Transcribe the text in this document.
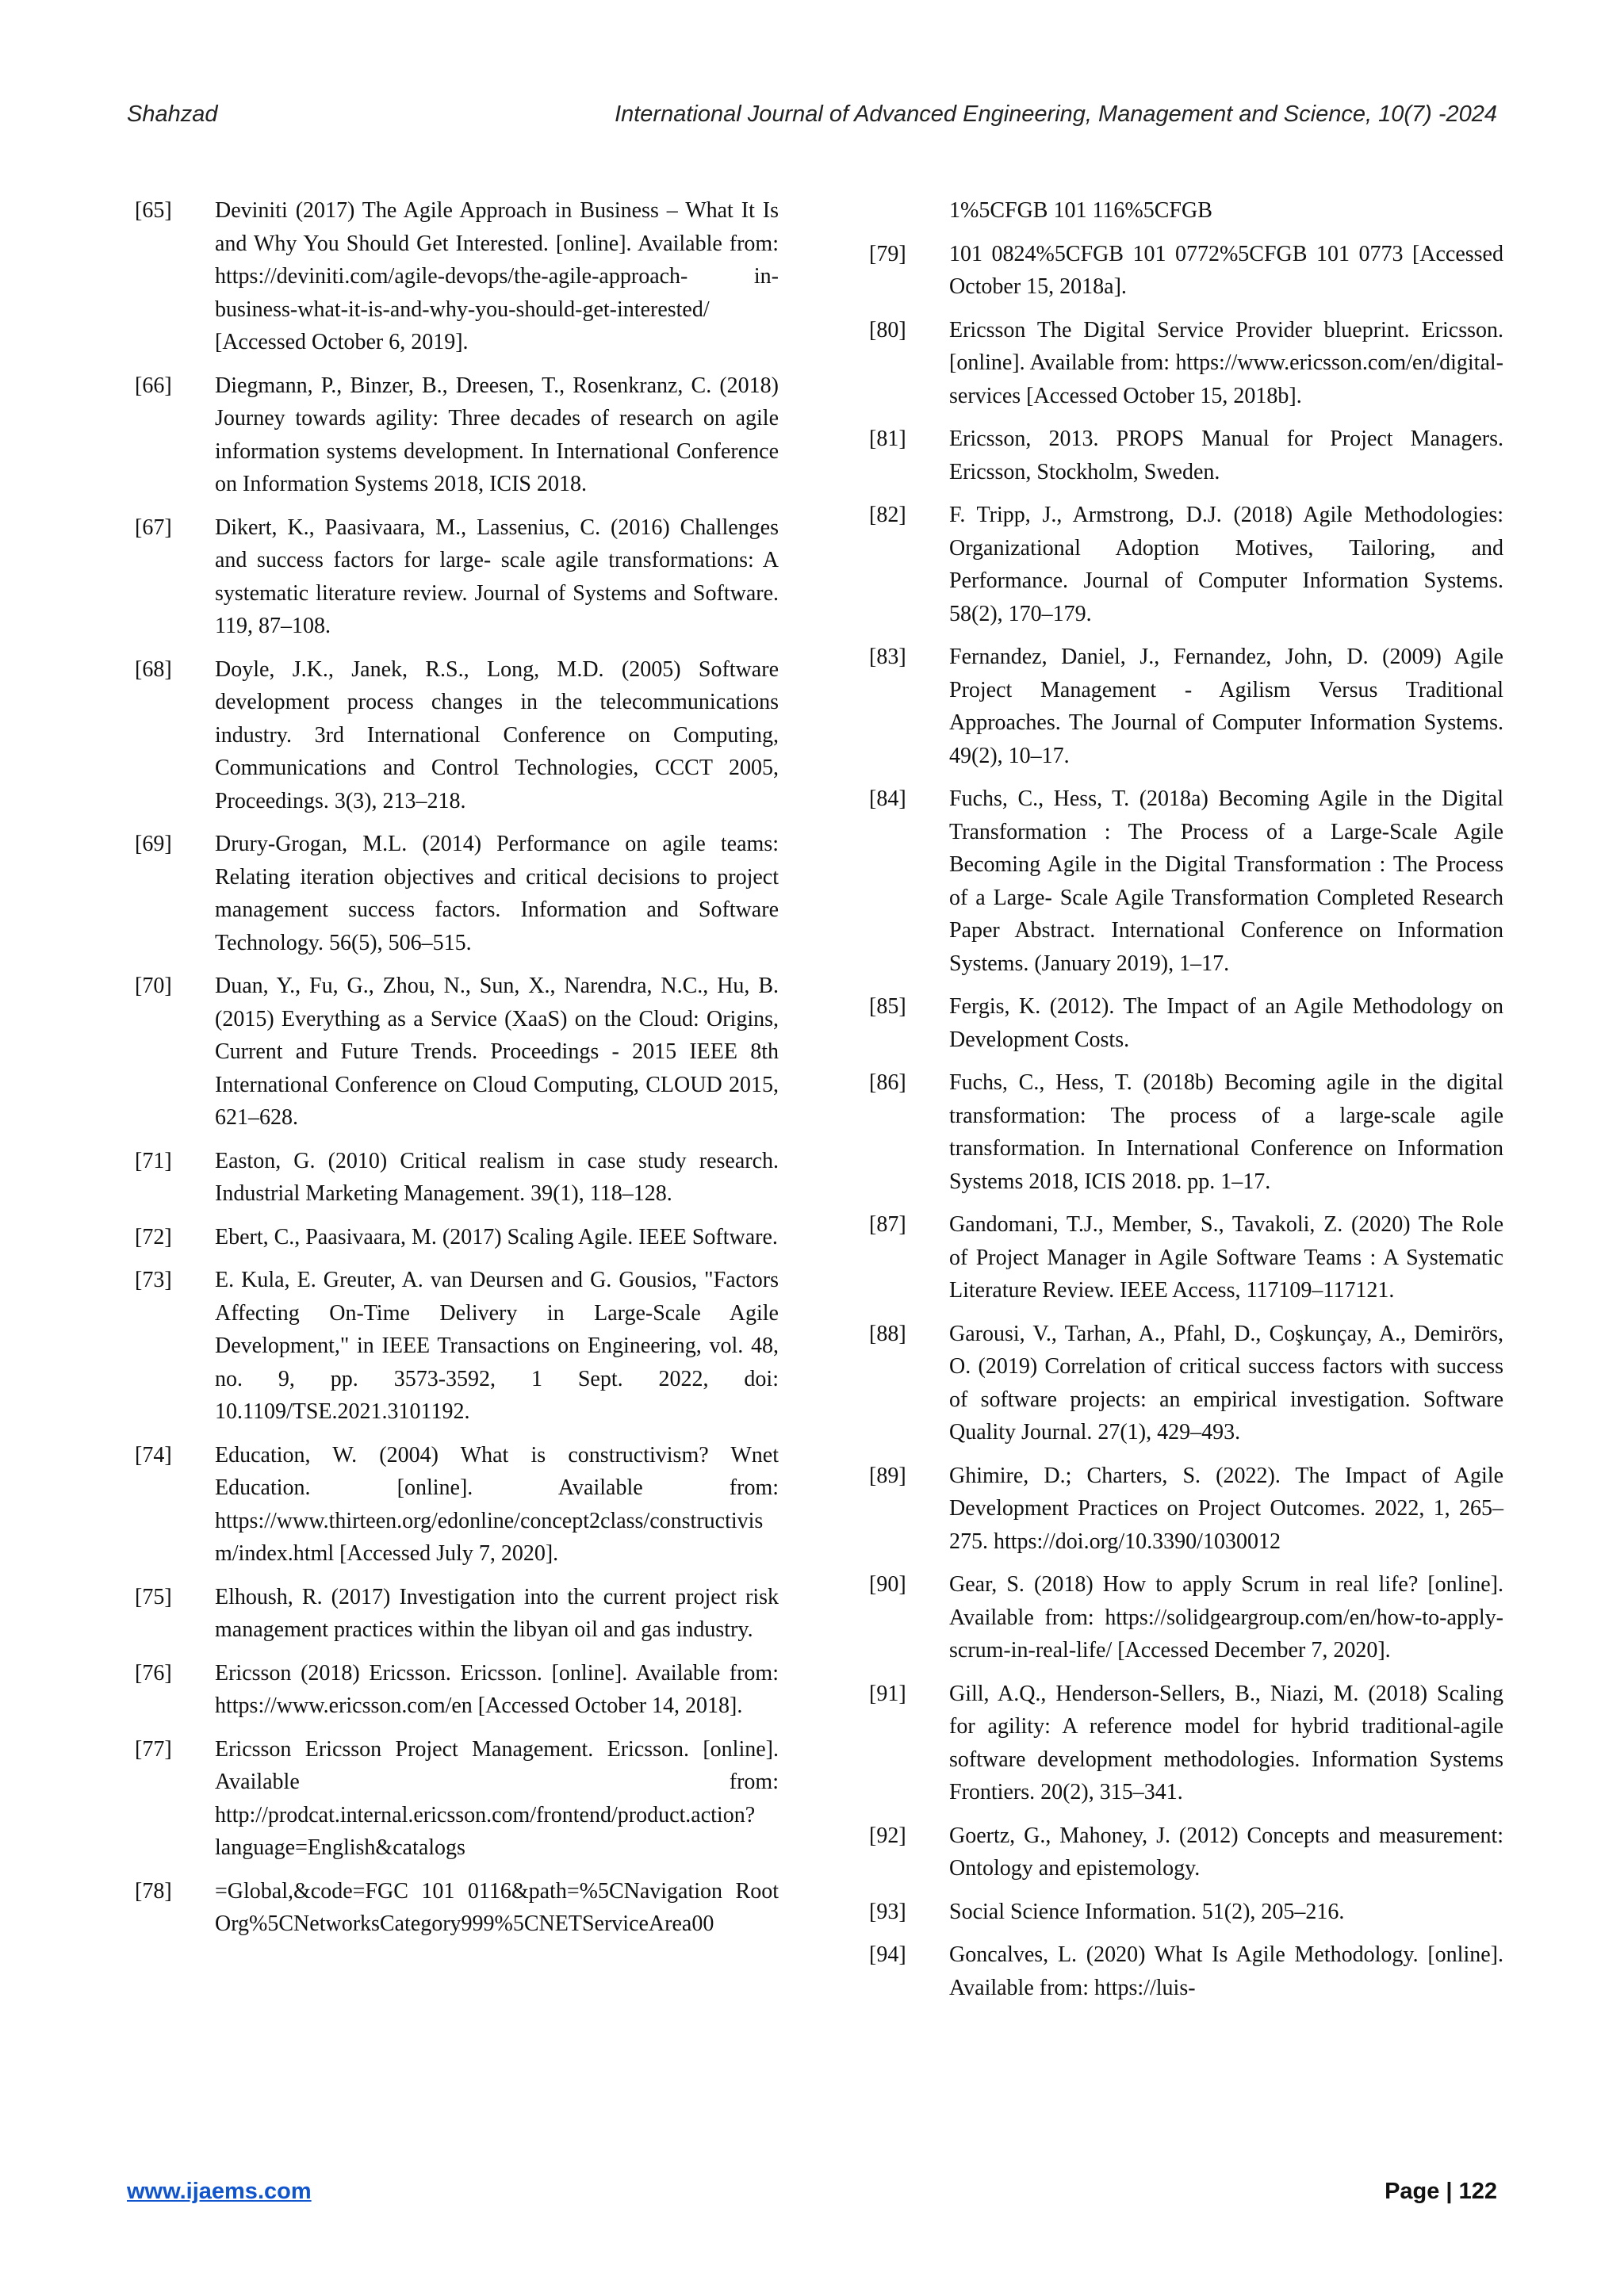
Shahzad	International Journal of Advanced Engineering, Management and Science, 10(7) -2024
[65]	Deviniti (2017) The Agile Approach in Business – What It Is and Why You Should Get Interested. [online]. Available from: https://deviniti.com/agile-devops/the-agile-approach- in-business-what-it-is-and-why-you-should-get-interested/ [Accessed October 6, 2019].
[66]	Diegmann, P., Binzer, B., Dreesen, T., Rosenkranz, C. (2018) Journey towards agility: Three decades of research on agile information systems development. In International Conference on Information Systems 2018, ICIS 2018.
[67]	Dikert, K., Paasivaara, M., Lassenius, C. (2016) Challenges and success factors for large- scale agile transformations: A systematic literature review. Journal of Systems and Software. 119, 87–108.
[68]	Doyle, J.K., Janek, R.S., Long, M.D. (2005) Software development process changes in the telecommunications industry. 3rd International Conference on Computing, Communications and Control Technologies, CCCT 2005, Proceedings. 3(3), 213–218.
[69]	Drury-Grogan, M.L. (2014) Performance on agile teams: Relating iteration objectives and critical decisions to project management success factors. Information and Software Technology. 56(5), 506–515.
[70]	Duan, Y., Fu, G., Zhou, N., Sun, X., Narendra, N.C., Hu, B. (2015) Everything as a Service (XaaS) on the Cloud: Origins, Current and Future Trends. Proceedings - 2015 IEEE 8th International Conference on Cloud Computing, CLOUD 2015, 621–628.
[71]	Easton, G. (2010) Critical realism in case study research. Industrial Marketing Management. 39(1), 118–128.
[72]	Ebert, C., Paasivaara, M. (2017) Scaling Agile. IEEE Software.
[73]	E. Kula, E. Greuter, A. van Deursen and G. Gousios, "Factors Affecting On-Time Delivery in Large-Scale Agile Development," in IEEE Transactions on Engineering, vol. 48, no. 9, pp. 3573-3592, 1 Sept. 2022, doi: 10.1109/TSE.2021.3101192.
[74]	Education, W. (2004) What is constructivism? Wnet Education. [online]. Available from: https://www.thirteen.org/edonline/concept2class/constructivism/index.html [Accessed July 7, 2020].
[75]	Elhoush, R. (2017) Investigation into the current project risk management practices within the libyan oil and gas industry.
[76]	Ericsson (2018) Ericsson. Ericsson. [online]. Available from: https://www.ericsson.com/en [Accessed October 14, 2018].
[77]	Ericsson Ericsson Project Management. Ericsson. [online]. Available from: http://prodcat.internal.ericsson.com/frontend/product.action?language=English&catalogs
[78]	=Global,&code=FGC 101 0116&path=%5CNavigation Root Org%5CNetworksCategory999%5CNETServiceArea00
1%5CFGB 101 116%5CFGB
[79]	101 0824%5CFGB 101 0772%5CFGB 101 0773 [Accessed October 15, 2018a].
[80]	Ericsson The Digital Service Provider blueprint. Ericsson. [online]. Available from: https://www.ericsson.com/en/digital-services [Accessed October 15, 2018b].
[81]	Ericsson, 2013. PROPS Manual for Project Managers. Ericsson, Stockholm, Sweden.
[82]	F. Tripp, J., Armstrong, D.J. (2018) Agile Methodologies: Organizational Adoption Motives, Tailoring, and Performance. Journal of Computer Information Systems. 58(2), 170–179.
[83]	Fernandez, Daniel, J., Fernandez, John, D. (2009) Agile Project Management - Agilism Versus Traditional Approaches. The Journal of Computer Information Systems. 49(2), 10–17.
[84]	Fuchs, C., Hess, T. (2018a) Becoming Agile in the Digital Transformation : The Process of a Large-Scale Agile Becoming Agile in the Digital Transformation : The Process of a Large- Scale Agile Transformation Completed Research Paper Abstract. International Conference on Information Systems. (January 2019), 1–17.
[85]	Fergis, K. (2012). The Impact of an Agile Methodology on Development Costs.
[86]	Fuchs, C., Hess, T. (2018b) Becoming agile in the digital transformation: The process of a large-scale agile transformation. In International Conference on Information Systems 2018, ICIS 2018. pp. 1–17.
[87]	Gandomani, T.J., Member, S., Tavakoli, Z. (2020) The Role of Project Manager in Agile Software Teams : A Systematic Literature Review. IEEE Access, 117109–117121.
[88]	Garousi, V., Tarhan, A., Pfahl, D., Coşkunçay, A., Demirörs, O. (2019) Correlation of critical success factors with success of software projects: an empirical investigation. Software Quality Journal. 27(1), 429–493.
[89]	Ghimire, D.; Charters, S. (2022). The Impact of Agile Development Practices on Project Outcomes. 2022, 1, 265–275. https://doi.org/10.3390/1030012
[90]	Gear, S. (2018) How to apply Scrum in real life? [online]. Available from: https://solidgeargroup.com/en/how-to-apply-scrum-in-real-life/ [Accessed December 7, 2020].
[91]	Gill, A.Q., Henderson-Sellers, B., Niazi, M. (2018) Scaling for agility: A reference model for hybrid traditional-agile software development methodologies. Information Systems Frontiers. 20(2), 315–341.
[92]	Goertz, G., Mahoney, J. (2012) Concepts and measurement: Ontology and epistemology.
[93]	Social Science Information. 51(2), 205–216.
[94]	Goncalves, L. (2020) What Is Agile Methodology. [online]. Available from: https://luis-
www.ijaems.com	Page | 122
